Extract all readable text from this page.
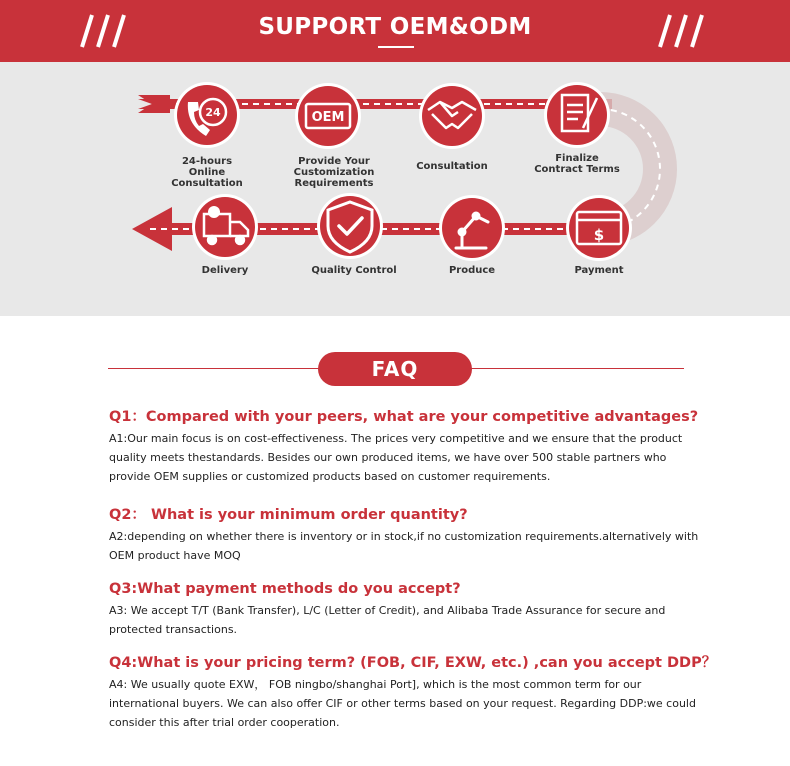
SUPPORT OEM&ODM
24	OEM
$
24-hours
Online Consultation
Provide Your
Customization Requirements
Consultation
Finalize
Contract Terms
Payment
Produce
Quality Control
Delivery
FAQ
Q1：Compared with your peers, what are your competitive advantages?
A1:Our main focus is on cost-effectiveness. The prices very competitive and we ensure that the product quality meets thestandards. Besides our own produced items, we have over 500 stable partners who provide OEM supplies or customized products based on customer requirements.
Q2： What is your minimum order quantity?
A2:depending on whether there is inventory or in stock,if no customization requirements.alternatively with OEM product have MOQ
Q3:What payment methods do you accept?
A3: We accept T/T (Bank Transfer), L/C (Letter of Credit), and Alibaba Trade Assurance for secure and protected transactions.
Q4:What is your pricing term? (FOB, CIF, EXW, etc.) ,can you accept DDP？
A4: We usually quote EXW， FOB ningbo/shanghai Port], which is the most common term for our international buyers. We can also offer CIF or other terms based on your request. Regarding DDP:we could consider this after trial order cooperation.
